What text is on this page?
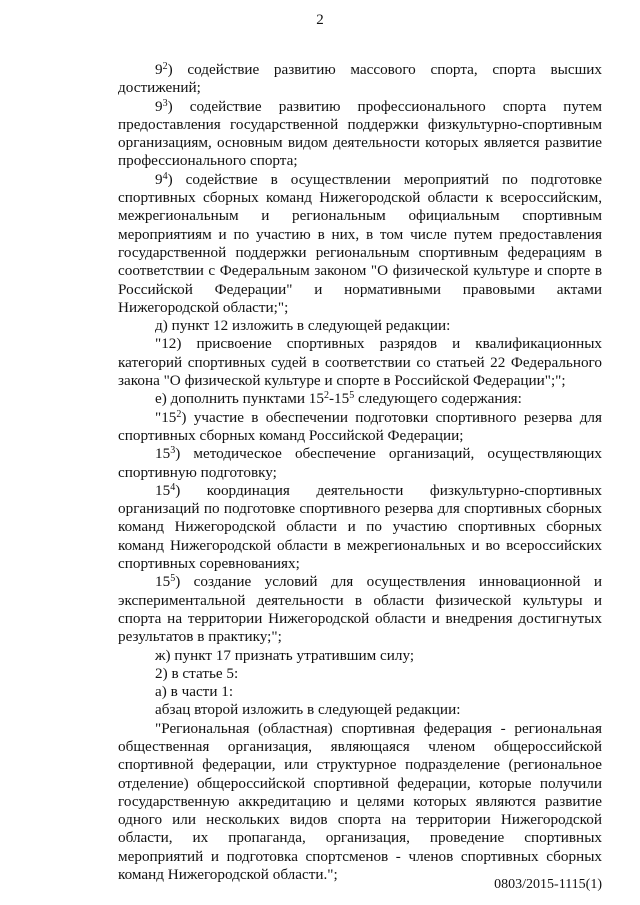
2

$9^2$) содействие развитию массового спорта, спорта высших достижений;

$9^3$) содействие развитию профессионального спорта путем предоставления государственной поддержки физкультурно-спортивным организациям, основным видом деятельности которых является развитие профессионального спорта;

$9^4$) содействие в осуществлении мероприятий по подготовке спортивных сборных команд Нижегородской области к всероссийским, межрегиональным и региональным официальным спортивным мероприятиям и по участию в них, в том числе путем предоставления государственной поддержки региональным спортивным федерациям в соответствии с Федеральным законом "О физической культуре и спорте в Российской Федерации" и нормативными правовыми актами Нижегородской области;";

д) пункт 12 изложить в следующей редакции:

"12) присвоение спортивных разрядов и квалификационных категорий спортивных судей в соответствии со статьей 22 Федерального закона "О физической культуре и спорте в Российской Федерации";";

е) дополнить пунктами $15^2-15^5$ следующего содержания:

"$15^2$) участие в обеспечении подготовки спортивного резерва для спортивных сборных команд Российской Федерации;

$15^3$) методическое обеспечение организаций, осуществляющих спортивную подготовку;

$15^4$) координация деятельности физкультурно-спортивных организаций по подготовке спортивного резерва для спортивных сборных команд Нижегородской области и по участию спортивных сборных команд Нижегородской области в межрегиональных и во всероссийских спортивных соревнованиях;

$15^5$) создание условий для осуществления инновационной и экспериментальной деятельности в области физической культуры и спорта на территории Нижегородской области и внедрения достигнутых результатов в практику;";

ж) пункт 17 признать утратившим силу;

2) в статье 5:

а) в части 1:

абзац второй изложить в следующей редакции:

"Региональная (областная) спортивная федерация - региональная общественная организация, являющаяся членом общероссийской спортивной федерации, или структурное подразделение (региональное отделение) общероссийской спортивной федерации, которые получили государственную аккредитацию и целями которых являются развитие одного или нескольких видов спорта на территории Нижегородской области, их пропаганда, организация, проведение спортивных мероприятий и подготовка спортсменов - членов спортивных сборных команд Нижегородской области.";

0803/2015-1115(1)
